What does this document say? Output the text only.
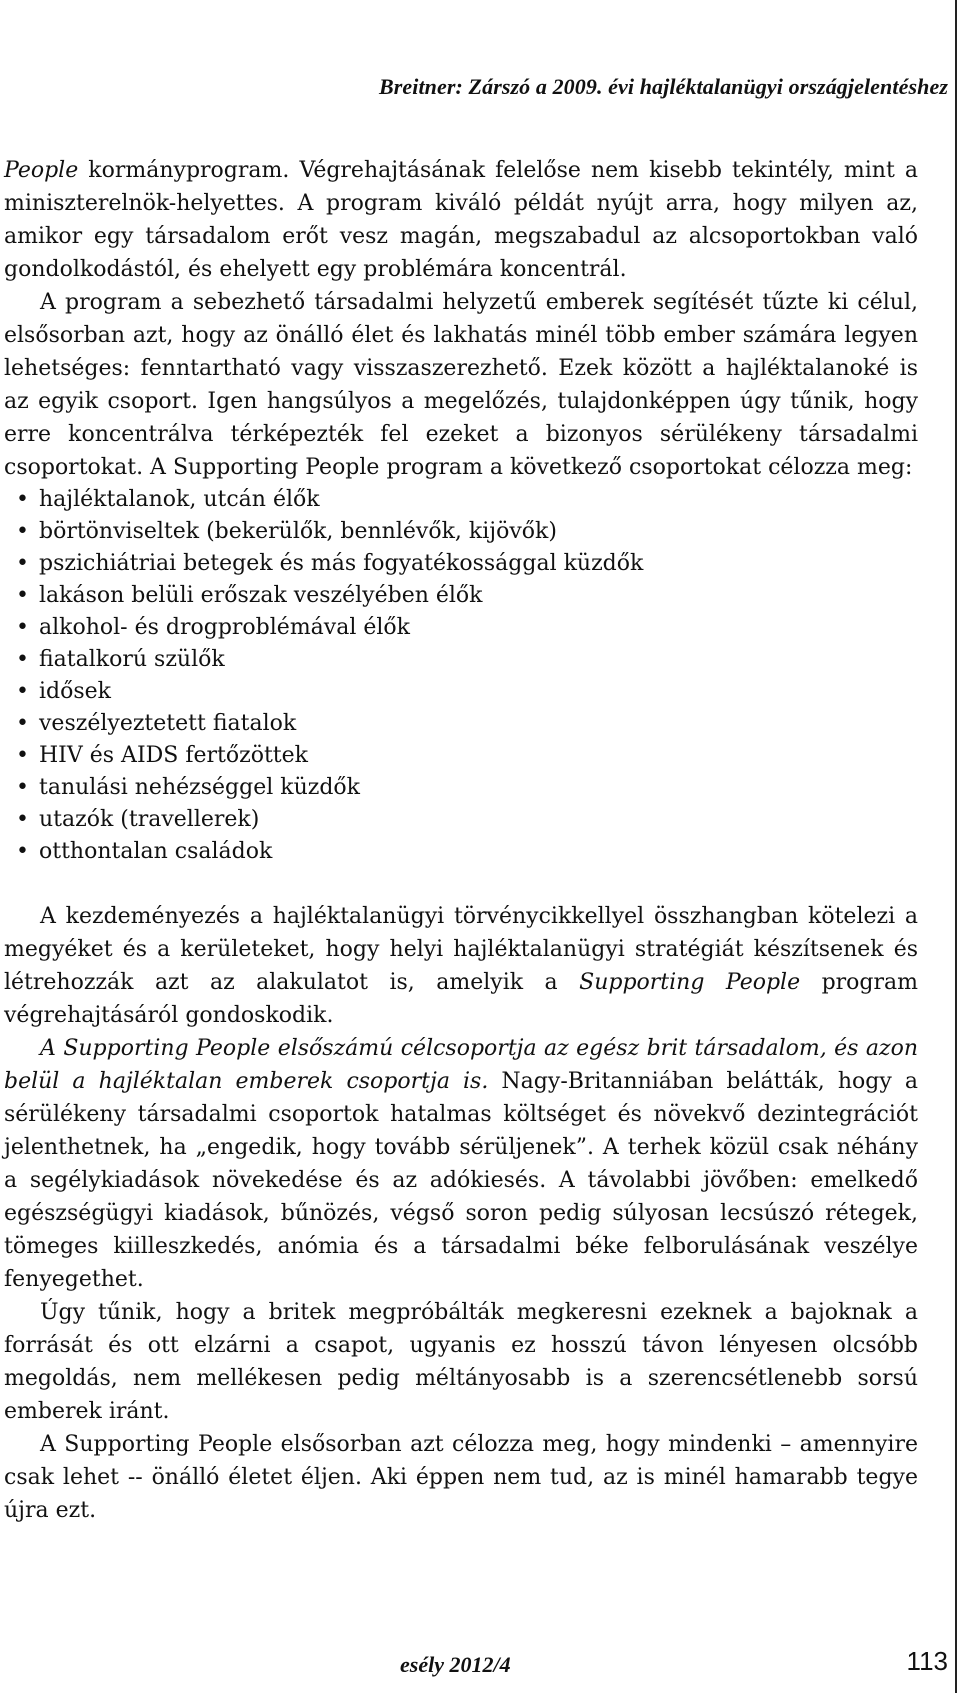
Breitner: Zárszó a 2009. évi hajléktalanügyi országjelentéshez

People kormányprogram. Végrehajtásának felelőse nem kisebb tekintély, mint a miniszterelnök-helyettes. A program kiváló példát nyújt arra, hogy milyen az, amikor egy társadalom erőt vesz magán, megszabadul az alcsoportokban való gondolkodástól, és ehelyett egy problémára koncentrál.

A program a sebezhető társadalmi helyzetű emberek segítését tűzte ki célul, elsősorban azt, hogy az önálló élet és lakhatás minél több ember számára legyen lehetséges: fenntartható vagy visszaszerezhető. Ezek között a hajléktalanoké is az egyik csoport. Igen hangsúlyos a megelőzés, tulajdonképpen úgy tűnik, hogy erre koncentrálva térképezték fel ezeket a bizonyos sérülékeny társadalmi csoportokat. A Supporting People program a következő csoportokat célozza meg:

• hajléktalanok, utcán élők
• börtönviseltek (bekerülők, bennlévők, kijövők)
• pszichiátriai betegek és más fogyatékossággal küzdők
• lakáson belüli erőszak veszélyében élők
• alkohol- és drogproblémával élők
• fiatalkorú szülők
• idősek
• veszélyeztetett fiatalok
• HIV és AIDS fertőzöttek
• tanulási nehézséggel küzdők
• utazók (travellerek)
• otthontalan családok

A kezdeményezés a hajléktalanügyi törvénycikkellyel összhangban kötelezi a megyéket és a kerületeket, hogy helyi hajléktalanügyi stratégiát készítsenek és létrehozzák azt az alakulatot is, amelyik a Supporting People program végrehajtásáról gondoskodik.

A Supporting People elsőszámú célcsoportja az egész brit társadalom, és azon belül a hajléktalan emberek csoportja is. Nagy-Britanniában belátták, hogy a sérülékeny társadalmi csoportok hatalmas költséget és növekvő dezintegrációt jelenthetnek, ha „engedik, hogy tovább sérüljenek”. A terhek közül csak néhány a segélykiadások növekedése és az adókiesés. A távolabbi jövőben: emelkedő egészségügyi kiadások, bűnözés, végső soron pedig súlyosan lecsúszó rétegek, tömeges kiilleszkedés, anómia és a társadalmi béke felborulásának veszélye fenyegethet.

Úgy tűnik, hogy a britek megpróbálták megkeresni ezeknek a bajoknak a forrását és ott elzárni a csapot, ugyanis ez hosszú távon lényesen olcsóbb megoldás, nem mellékesen pedig méltányosabb is a szerencsétlenebb sorsú emberek iránt.

A Supporting People elsősorban azt célozza meg, hogy mindenki – amennyire csak lehet -- önálló életet éljen. Aki éppen nem tud, az is minél hamarabb tegye újra ezt.

esély 2012/4	113
